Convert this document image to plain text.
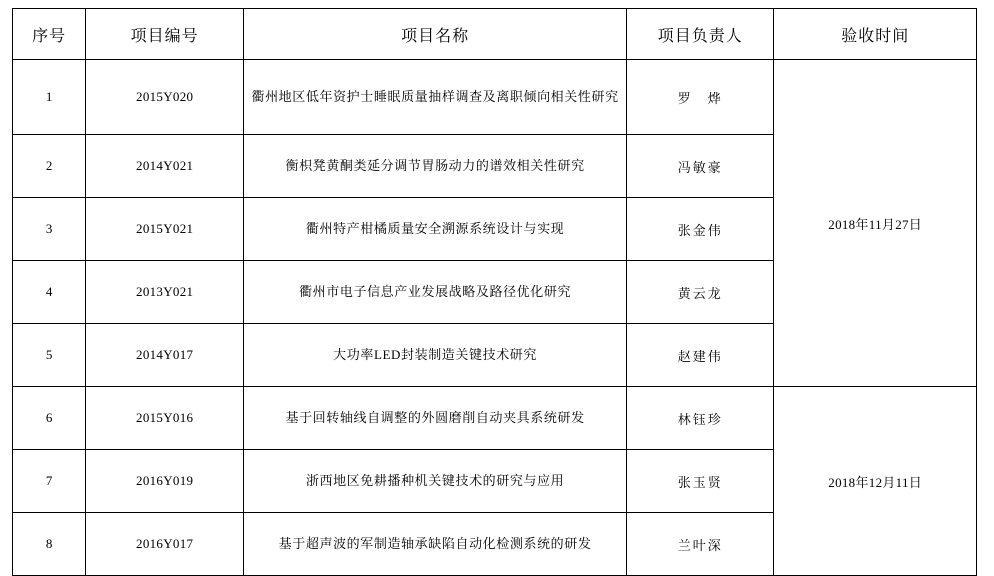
序号	项目编号	项目名称	项目负责人	验收时间
1	2015Y020	衢州地区低年资护士睡眠质量抽样调查及离职倾向相关性研究	罗　烨	2018年11月27日
2	2014Y021	衡枳凳黄酮类延分调节胃肠动力的谱效相关性研究	冯敏豪	
3	2015Y021	衢州特产柑橘质量安全溯源系统设计与实现	张金伟	
4	2013Y021	衢州市电子信息产业发展战略及路径优化研究	黄云龙	
5	2014Y017	大功率LED封装制造关键技术研究	赵建伟	
6	2015Y016	基于回转轴线自调整的外圆磨削自动夹具系统研发	林钰珍	2018年12月11日
7	2016Y019	浙西地区免耕播种机关键技术的研究与应用	张玉贤	
8	2016Y017	基于超声波的军制造轴承缺陷自动化检测系统的研发	兰叶深	
